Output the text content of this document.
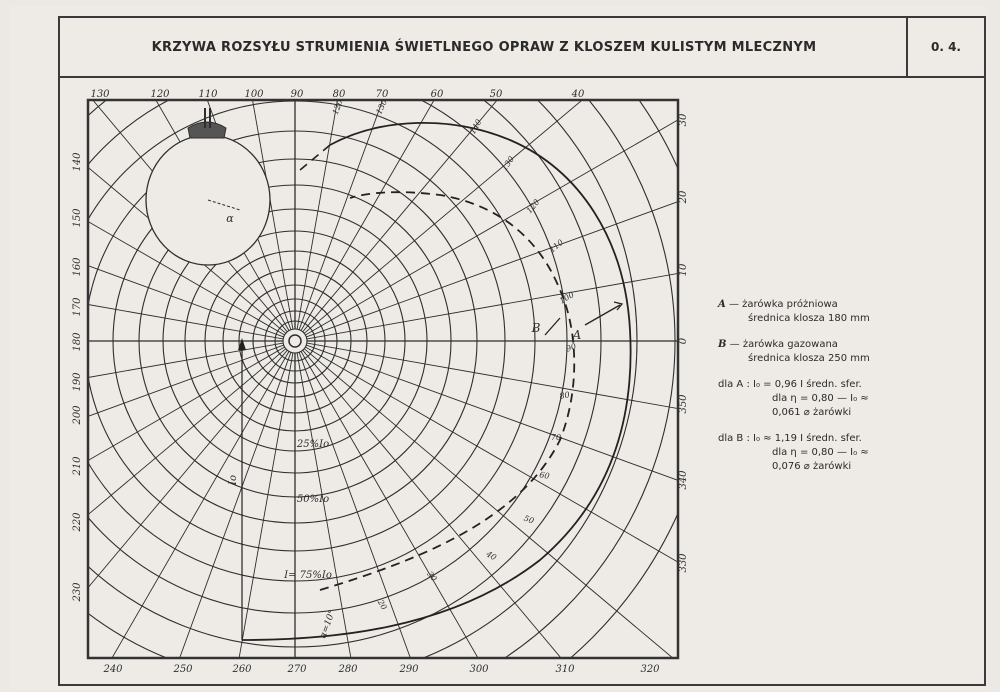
KRZYWA ROZSYŁU STRUMIENIA ŚWIETLNEGO OPRAW Z KLOSZEM KULISTYM MLECZNYM	0. 4.
130	120	110	100	90	80	70	60	50	40
240	250	260	270	280	290	300	310	320
140
150
160
170
180
190
200
210
220
230
30
20
10
0
350
340
330
120	130
140
130
120
110
100
90
80
70
60
50
40
30
20
25%Io
50%Io
I= 75%Io
Io
α=10°
A
B
α
A — żarówka próżniowa
średnica klosza 180 mm
B — żarówka gazowana
średnica klosza 250 mm
dla A : I₀ = 0,96 I średn. sfer.
dla η = 0,80 — I₀ ≈
0,061 ⌀ żarówki
dla B : I₀ ≈ 1,19 I średn. sfer.
dla η = 0,80 — I₀ ≈
0,076 ⌀ żarówki
